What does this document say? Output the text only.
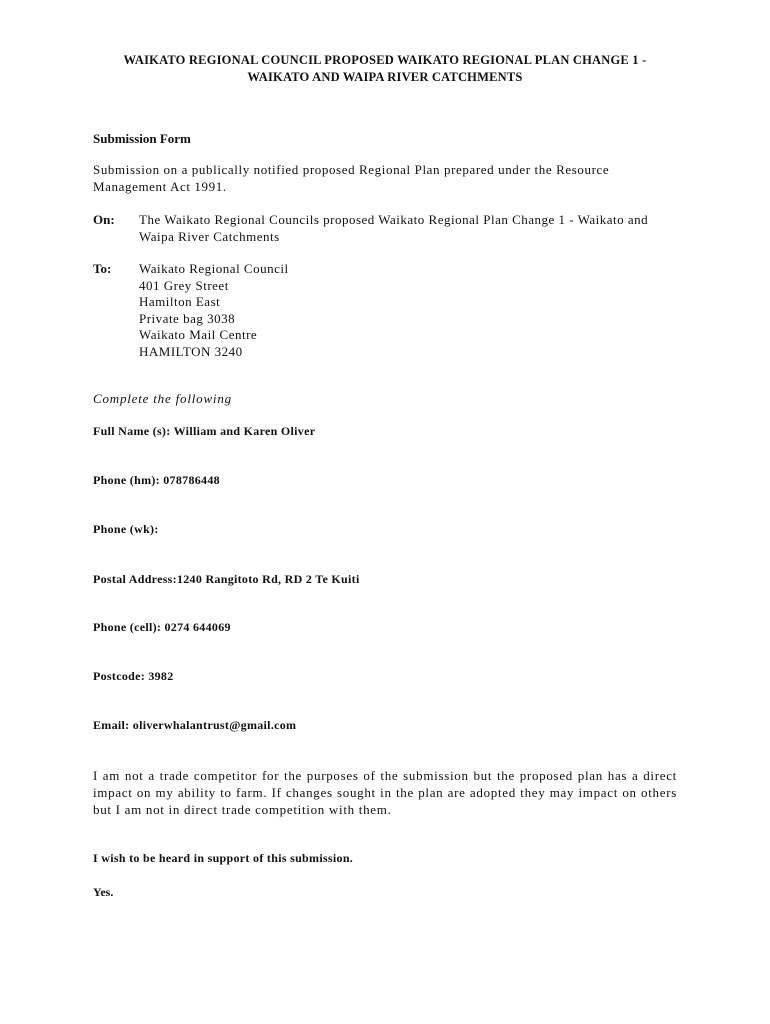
WAIKATO REGIONAL COUNCIL PROPOSED WAIKATO REGIONAL PLAN CHANGE 1 -
WAIKATO AND WAIPA RIVER CATCHMENTS
Submission Form
Submission on a publically notified proposed Regional Plan prepared under the Resource Management Act 1991.
On:	The Waikato Regional Councils proposed Waikato Regional Plan Change 1 - Waikato and Waipa River Catchments
To:	Waikato Regional Council
401 Grey Street
Hamilton East
Private bag 3038
Waikato Mail Centre
HAMILTON 3240
Complete the following
Full Name (s): William and Karen Oliver
Phone (hm): 078786448
Phone (wk):
Postal Address:1240 Rangitoto Rd, RD 2 Te Kuiti
Phone (cell): 0274 644069
Postcode: 3982
Email: oliverwhalantrust@gmail.com
I am not a trade competitor for the purposes of the submission but the proposed plan has a direct impact on my ability to farm. If changes sought in the plan are adopted they may impact on others but I am not in direct trade competition with them.
I wish to be heard in support of this submission.
Yes.
